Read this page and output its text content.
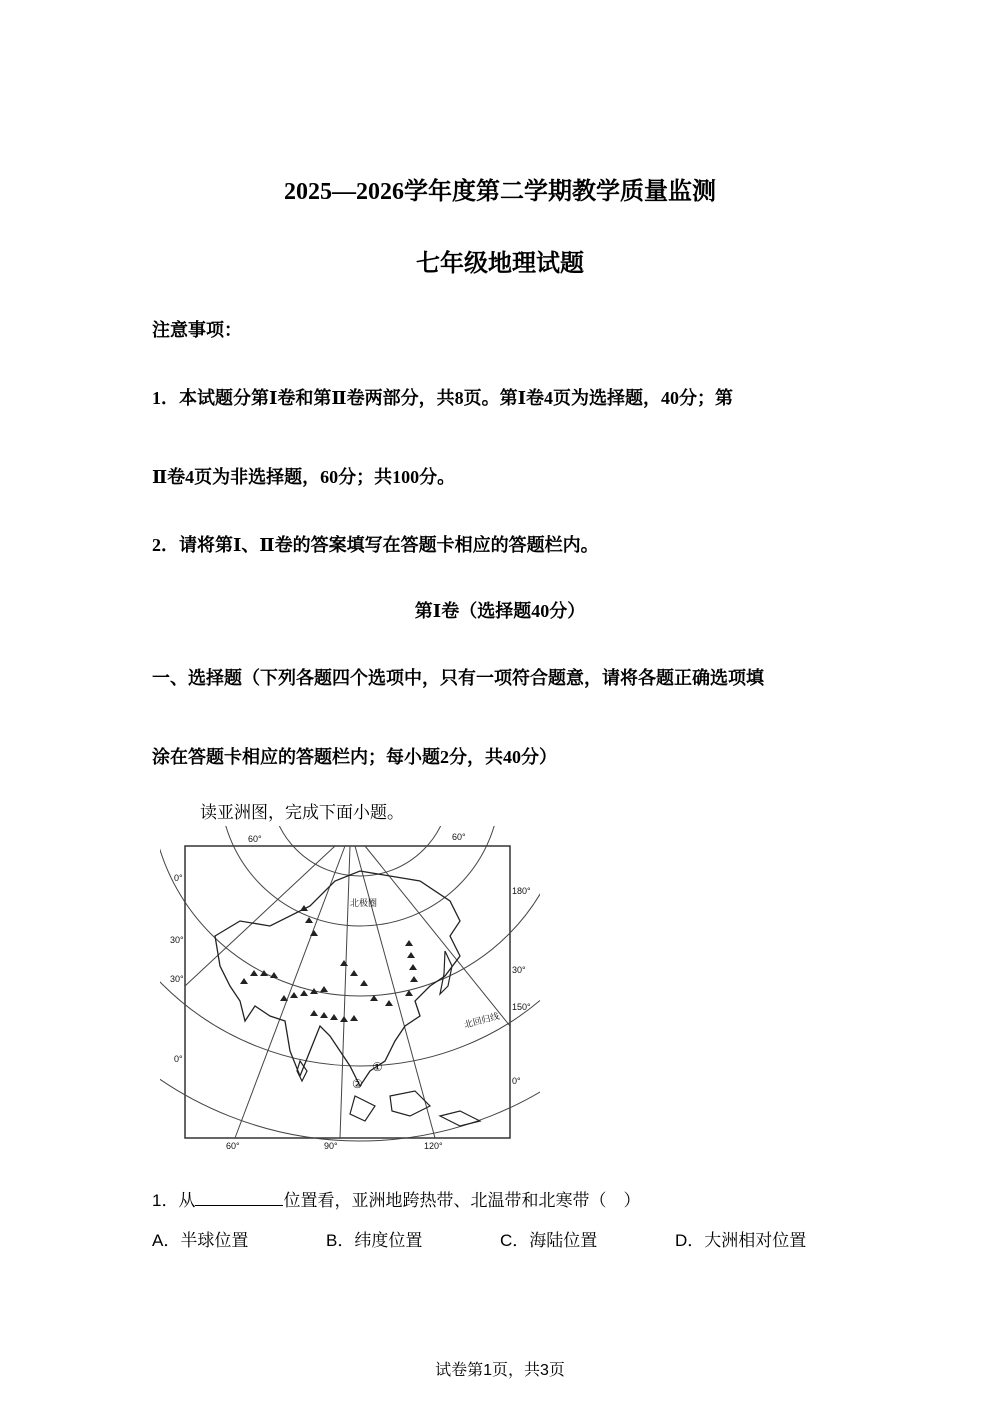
2025—2026学年度第二学期教学质量监测
七年级地理试题
注意事项：
1．本试题分第Ⅰ卷和第Ⅱ卷两部分，共8页。第Ⅰ卷4页为选择题，40分；第
Ⅱ卷4页为非选择题，60分；共100分。
2．请将第Ⅰ、Ⅱ卷的答案填写在答题卡相应的答题栏内。
第Ⅰ卷（选择题40分）
一、选择题（下列各题四个选项中，只有一项符合题意，请将各题正确选项填
涂在答题卡相应的答题栏内；每小题2分，共40分）
读亚洲图，完成下面小题。
60°	60°
180°
150°
0°
30°
30°
0°
30°
0°
60°	90°	120°
北极圈
北回归线
①
②
1．从	位置看，亚洲地跨热带、北温带和北寒带（　）
A．半球位置	B．纬度位置	C．海陆位置	D．大洲相对位置
试卷第1页，共3页
